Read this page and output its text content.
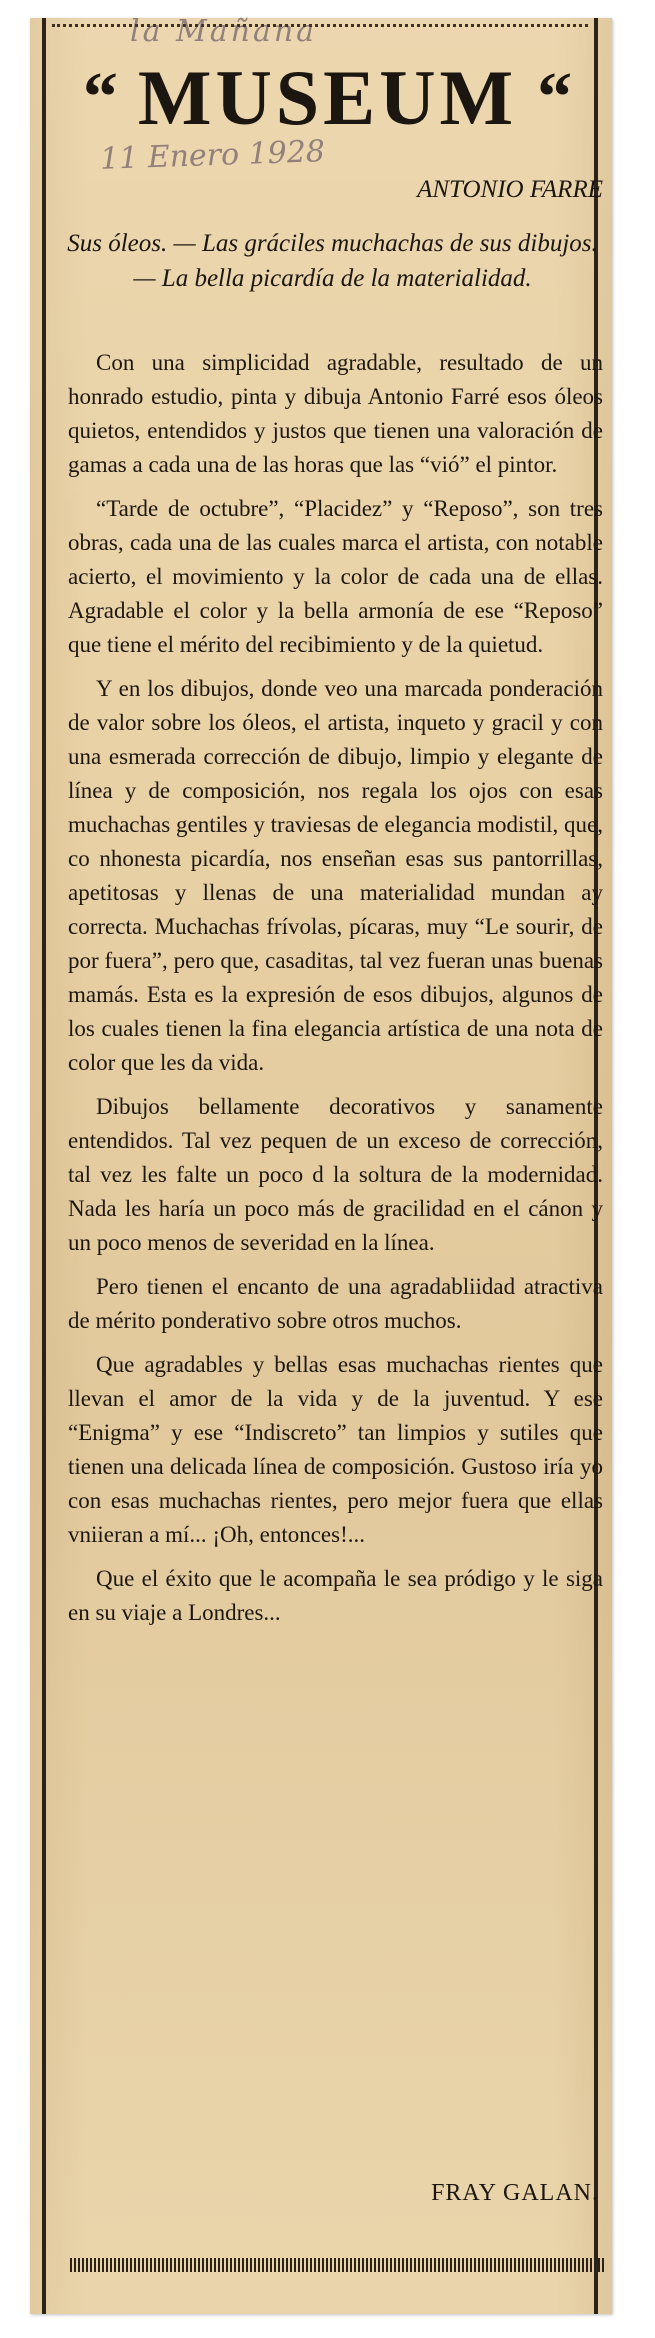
la Mañana
“ MUSEUM “
11 Enero 1928
ANTONIO FARRE
Sus óleos. — Las gráciles muchachas de sus dibujos. — La bella picardía de la materialidad.

Con una simplicidad agradable, resultado de un honrado estudio, pinta y dibuja Antonio Farré esos óleos quietos, entendidos y justos que tienen una valoración de gamas a cada una de las horas que las “vió” el pintor.

“Tarde de octubre”, “Placidez” y “Reposo”, son tres obras, cada una de las cuales marca el artista, con notable acierto, el movimiento y la color de cada una de ellas. Agradable el color y la bella armonía de ese “Reposo” que tiene el mérito del recibimiento y de la quietud.

Y en los dibujos, donde veo una marcada ponderación de valor sobre los óleos, el artista, inqueto y gracil y con una esmerada corrección de dibujo, limpio y elegante de línea y de composición, nos regala los ojos con esas muchachas gentiles y traviesas de elegancia modistil, que, co nhonesta picardía, nos enseñan esas sus pantorrillas, apetitosas y llenas de una materialidad mundan ay correcta. Muchachas frívolas, pícaras, muy “Le sourir, de por fuera”, pero que, casaditas, tal vez fueran unas buenas mamás. Esta es la expresión de esos dibujos, algunos de los cuales tienen la fina elegancia artística de una nota de color que les da vida.

Dibujos bellamente decorativos y sanamente entendidos. Tal vez pequen de un exceso de corrección, tal vez les falte un poco d la soltura de la modernidad. Nada les haría un poco más de gracilidad en el cánon y un poco menos de severidad en la línea.

Pero tienen el encanto de una agradabliidad atractiva de mérito ponderativo sobre otros muchos.

Que agradables y bellas esas muchachas rientes que llevan el amor de la vida y de la juventud. Y ese “Enigma” y ese “Indiscreto” tan limpios y sutiles que tienen una delicada línea de composición. Gustoso iría yo con esas muchachas rientes, pero mejor fuera que ellas vniieran a mí... ¡Oh, entonces!...

Que el éxito que le acompaña le sea pródigo y le siga en su viaje a Londres...

FRAY GALAN.
